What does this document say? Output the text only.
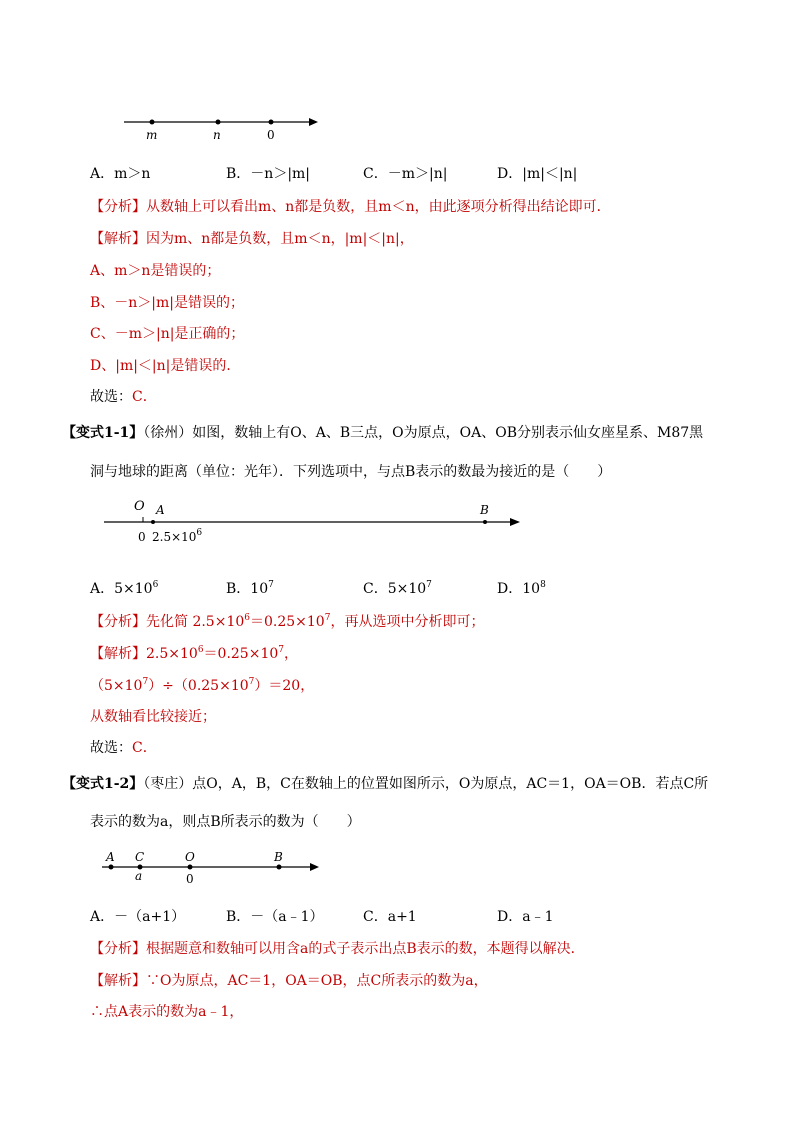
m	n	0
A．m＞n	B．－n＞|m|	C．－m＞|n|	D．|m|＜|n|
【分析】从数轴上可以看出m、n都是负数，且m＜n，由此逐项分析得出结论即可．
【解析】因为m、n都是负数，且m＜n，|m|＜|n|，
A、m＞n是错误的；
B、－n＞|m|是错误的；
C、－m＞|n|是正确的；
D、|m|＜|n|是错误的．
故选：C．
【变式1-1】（徐州）如图，数轴上有O、A、B三点，O为原点，OA、OB分别表示仙女座星系、M87黑
洞与地球的距离（单位：光年）．下列选项中，与点B表示的数最为接近的是（　　）
O A	B
0 $2.5\times 10^6$
A．$5\times 10^6$	B．$10^7$	C．$5\times 10^7$	D．$10^8$
【分析】先化简 $2.5\times 10^6=0.25\times 10^7$，再从选项中分析即可；
【解析】$2.5\times 10^6=0.25\times 10^7$，
$(5\times 10^7)\div(0.25\times 10^7)=20$，
从数轴看比较接近；
故选：C．
【变式1-2】（枣庄）点O，A，B，C在数轴上的位置如图所示，O为原点，AC＝1，OA＝OB．若点C所
表示的数为a，则点B所表示的数为（　　）
A C	O	B
a	0
A．－（a+1）	B．－（a﹣1）	C．a+1	D．a﹣1
【分析】根据题意和数轴可以用含a的式子表示出点B表示的数，本题得以解决．
【解析】∵O为原点，AC＝1，OA＝OB，点C所表示的数为a，
∴点A表示的数为a﹣1，
